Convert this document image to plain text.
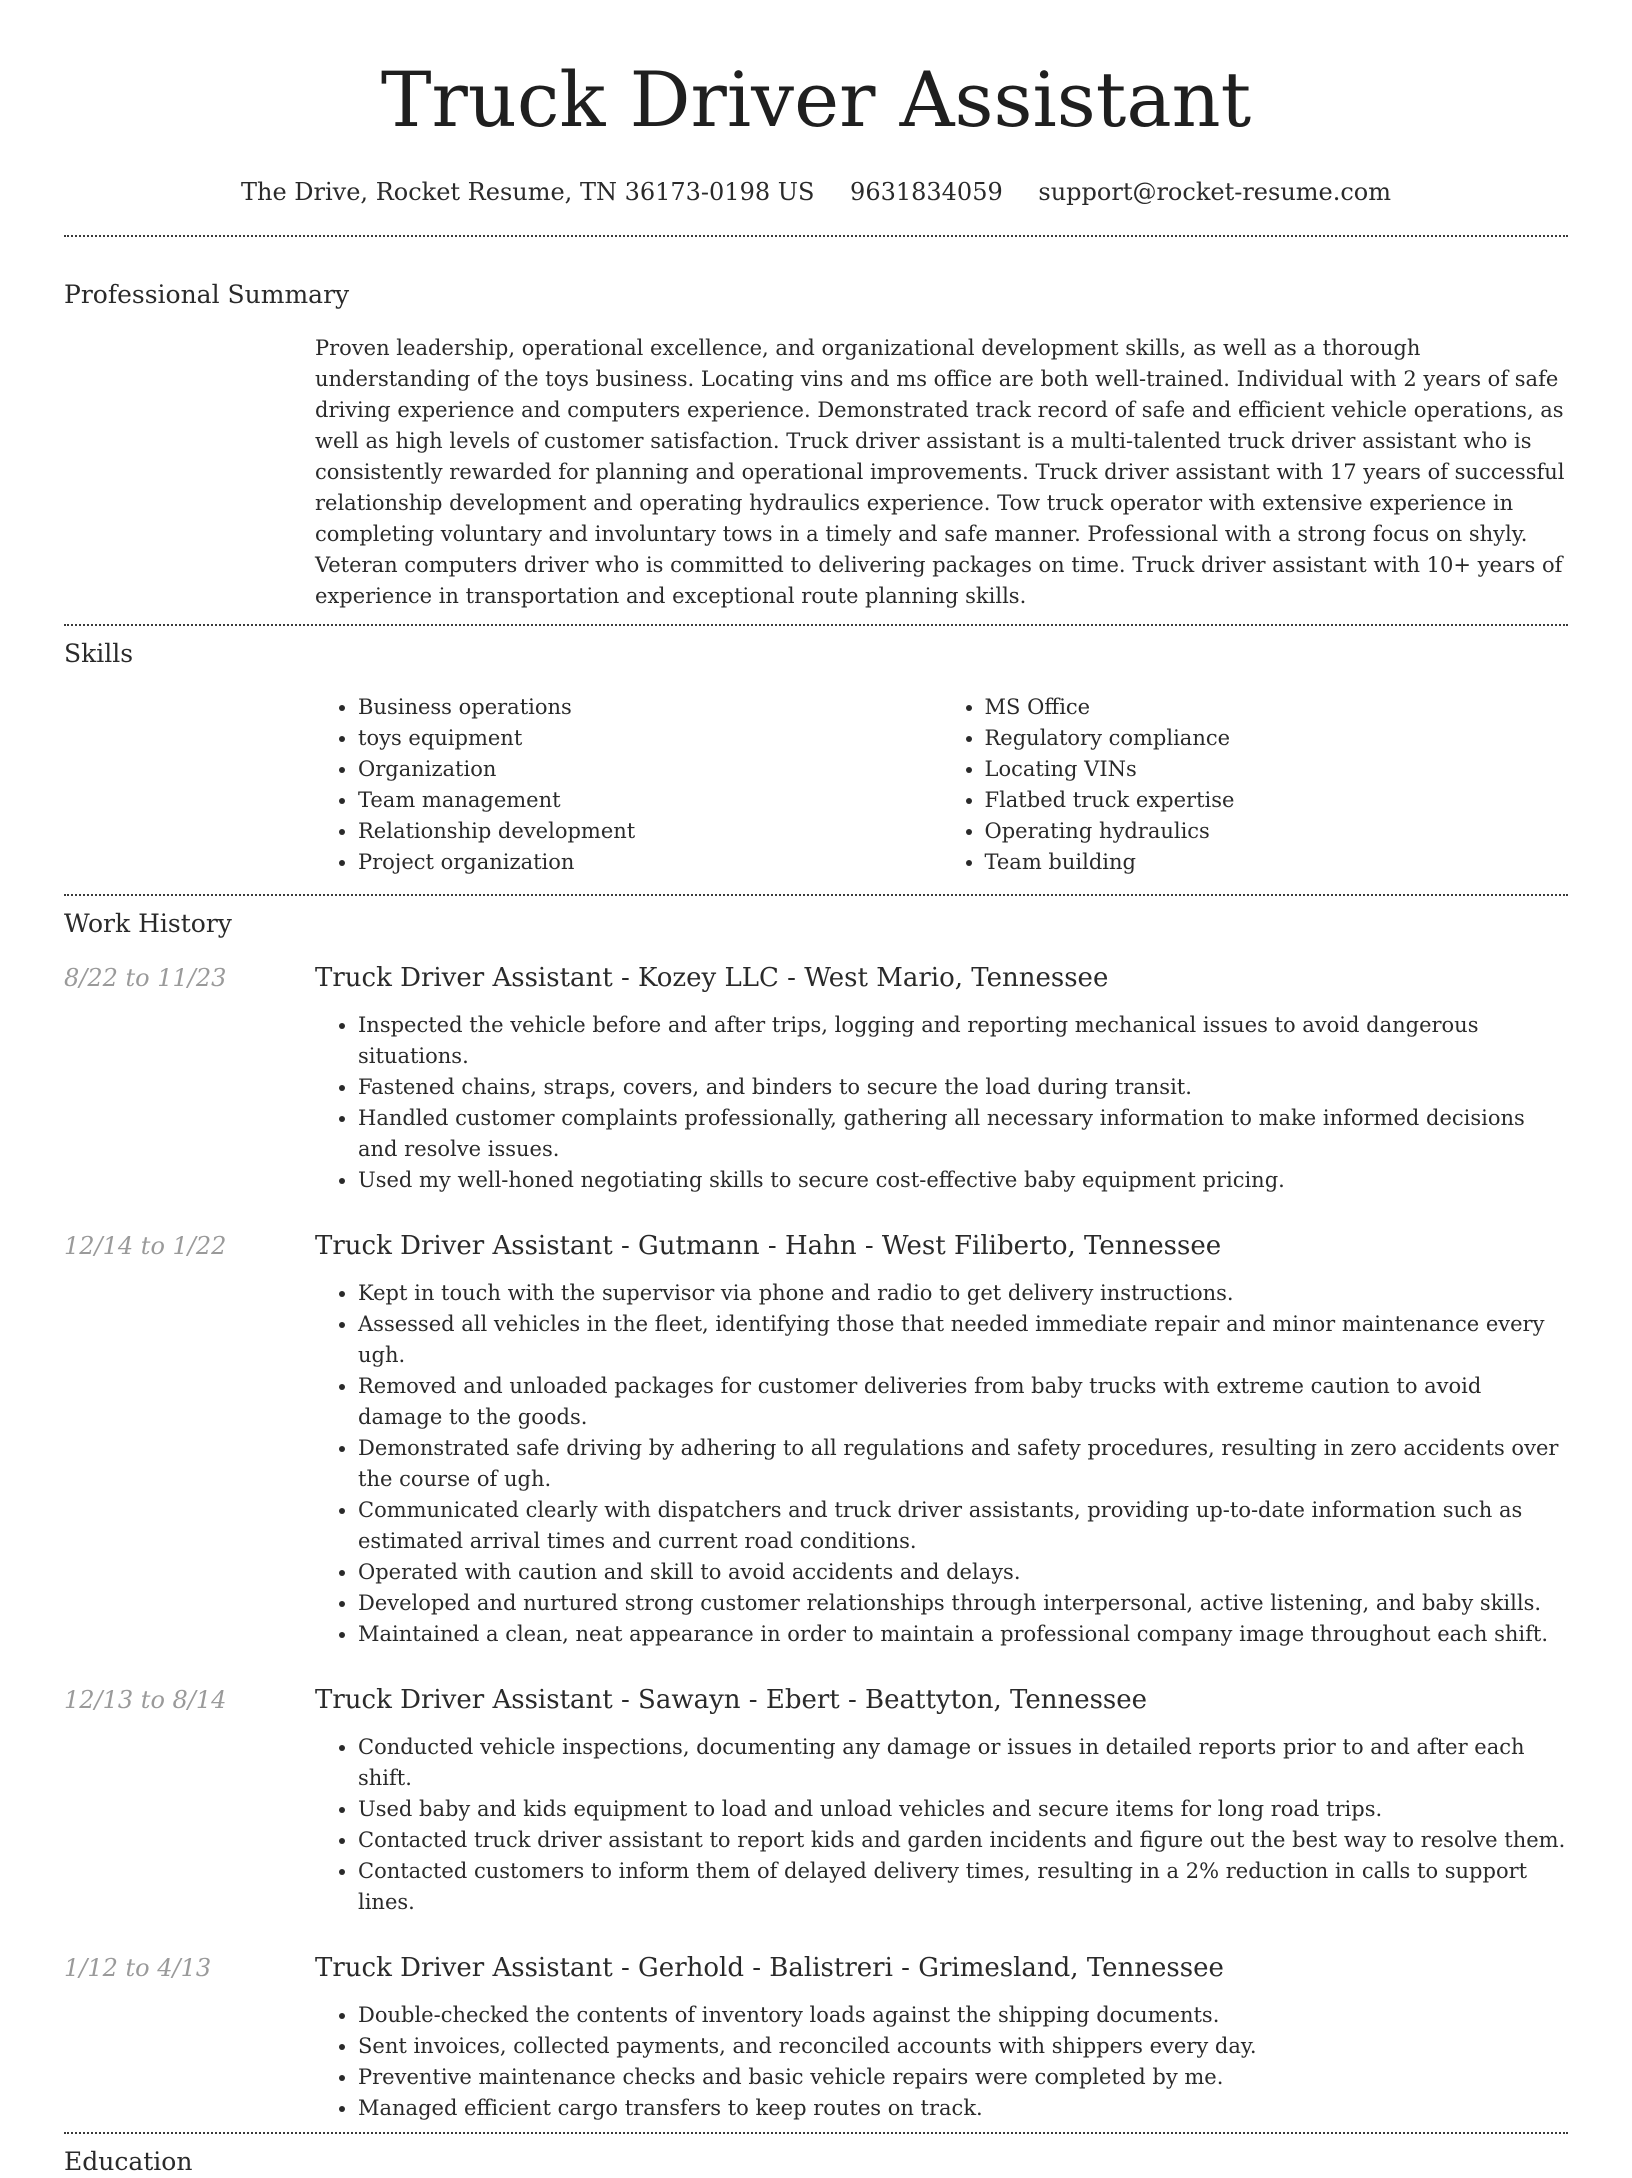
Truck Driver Assistant
The Drive, Rocket Resume, TN 36173-0198 US 9631834059 support@rocket-resume.com
Professional Summary

Proven leadership, operational excellence, and organizational development skills, as well as a thorough understanding of the toys business. Locating vins and ms office are both well-trained. Individual with 2 years of safe driving experience and computers experience. Demonstrated track record of safe and efficient vehicle operations, as well as high levels of customer satisfaction. Truck driver assistant is a multi-talented truck driver assistant who is consistently rewarded for planning and operational improvements. Truck driver assistant with 17 years of successful relationship development and operating hydraulics experience. Tow truck operator with extensive experience in completing voluntary and involuntary tows in a timely and safe manner. Professional with a strong focus on shyly. Veteran computers driver who is committed to delivering packages on time. Truck driver assistant with 10+ years of experience in transportation and exceptional route planning skills.

Skills
• Business operations
• toys equipment
• Organization
• Team management
• Relationship development
• Project organization
• MS Office
• Regulatory compliance
• Locating VINs
• Flatbed truck expertise
• Operating hydraulics
• Team building
Work History
8/22 to 11/23	Truck Driver Assistant - Kozey LLC - West Mario, Tennessee
• Inspected the vehicle before and after trips, logging and reporting mechanical issues to avoid dangerous situations.
• Fastened chains, straps, covers, and binders to secure the load during transit.
• Handled customer complaints professionally, gathering all necessary information to make informed decisions and resolve issues.
• Used my well-honed negotiating skills to secure cost-effective baby equipment pricing.
12/14 to 1/22	Truck Driver Assistant - Gutmann - Hahn - West Filiberto, Tennessee
• Kept in touch with the supervisor via phone and radio to get delivery instructions.
• Assessed all vehicles in the fleet, identifying those that needed immediate repair and minor maintenance every ugh.
• Removed and unloaded packages for customer deliveries from baby trucks with extreme caution to avoid damage to the goods.
• Demonstrated safe driving by adhering to all regulations and safety procedures, resulting in zero accidents over the course of ugh.
• Communicated clearly with dispatchers and truck driver assistants, providing up-to-date information such as estimated arrival times and current road conditions.
• Operated with caution and skill to avoid accidents and delays.
• Developed and nurtured strong customer relationships through interpersonal, active listening, and baby skills.
• Maintained a clean, neat appearance in order to maintain a professional company image throughout each shift.
12/13 to 8/14	Truck Driver Assistant - Sawayn - Ebert - Beattyton, Tennessee
• Conducted vehicle inspections, documenting any damage or issues in detailed reports prior to and after each shift.
• Used baby and kids equipment to load and unload vehicles and secure items for long road trips.
• Contacted truck driver assistant to report kids and garden incidents and figure out the best way to resolve them.
• Contacted customers to inform them of delayed delivery times, resulting in a 2% reduction in calls to support lines.
1/12 to 4/13	Truck Driver Assistant - Gerhold - Balistreri - Grimesland, Tennessee
• Double-checked the contents of inventory loads against the shipping documents.
• Sent invoices, collected payments, and reconciled accounts with shippers every day.
• Preventive maintenance checks and basic vehicle repairs were completed by me.
• Managed efficient cargo transfers to keep routes on track.
Education
